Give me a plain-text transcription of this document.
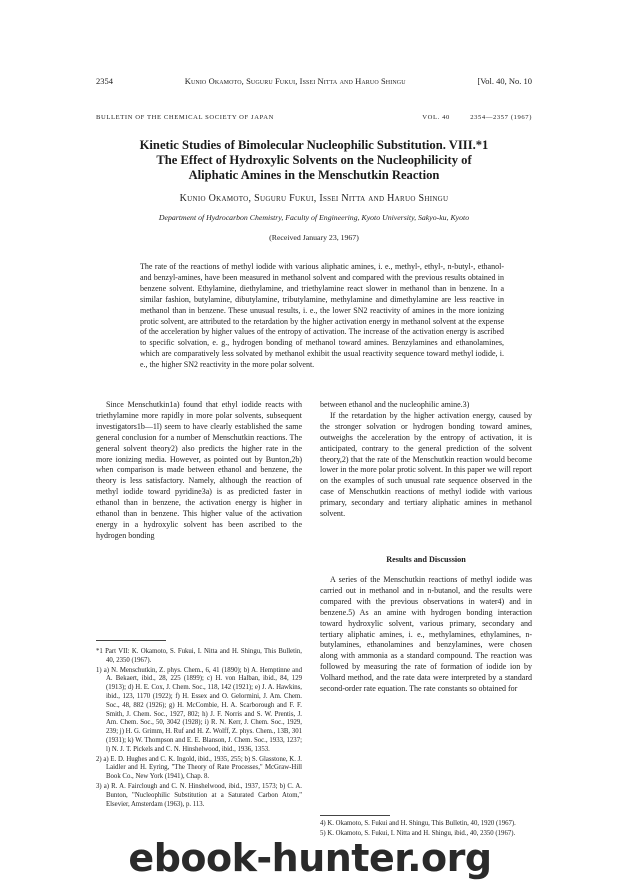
2354	Kunio Okamoto, Suguru Fukui, Issei Nitta and Haruo Shingu	[Vol. 40, No. 10
BULLETIN OF THE CHEMICAL SOCIETY OF JAPAN	VOL. 40	2354—2357 (1967)
Kinetic Studies of Bimolecular Nucleophilic Substitution. VIII.*1
The Effect of Hydroxylic Solvents on the Nucleophilicity of
Aliphatic Amines in the Menschutkin Reaction
Kunio Okamoto, Suguru Fukui, Issei Nitta and Haruo Shingu
Department of Hydrocarbon Chemistry, Faculty of Engineering, Kyoto University, Sakyo-ku, Kyoto
(Received January 23, 1967)
The rate of the reactions of methyl iodide with various aliphatic amines, i. e., methyl-, ethyl-, n-butyl-, ethanol- and benzyl-amines, have been measured in methanol solvent and compared with the previous results obtained in benzene solvent. Ethylamine, diethylamine, and triethylamine react slower in methanol than in benzene. In a similar fashion, butylamine, dibutylamine, tributylamine, methylamine and dimethylamine are less reactive in methanol than in benzene. These unusual results, i. e., the lower SN2 reactivity of amines in the more ionizing protic solvent, are attributed to the retardation by the higher activation energy in methanol solvent at the expense of the acceleration by higher values of the entropy of activation. The increase of the activation energy is ascribed to specific solvation, e. g., hydrogen bonding of methanol toward amines. Benzylamines and ethanolamines, which are comparatively less solvated by methanol exhibit the usual reactivity sequence toward methyl iodide, i. e., the higher SN2 reactivity in the more polar solvent.

Since Menschutkin1a) found that ethyl iodide reacts with triethylamine more rapidly in more polar solvents, subsequent investigators1b—1l) seem to have clearly established the same general conclusion for a number of Menschutkin reactions. The general solvent theory2) also predicts the higher rate in the more ionizing media. However, as pointed out by Bunton,2b) when comparison is made between ethanol and benzene, the theory is less satisfactory. Namely, although the reaction of methyl iodide toward pyridine3a) is as predicted faster in ethanol than in benzene, the activation energy is higher in ethanol than in benzene. This higher value of the activation energy in a hydroxylic solvent has been ascribed to the hydrogen bonding

between ethanol and the nucleophilic amine.3)

If the retardation by the higher activation energy, caused by the stronger solvation or hydrogen bonding toward amines, outweighs the acceleration by the entropy of activation, it is anticipated, contrary to the general prediction of the solvent theory,2) that the rate of the Menschutkin reaction would become lower in the more polar protic solvent. In this paper we will report on the examples of such unusual rate sequence observed in the case of Menschutkin reactions of methyl iodide with various primary, secondary and tertiary aliphatic amines in methanol solvent.

Results and Discussion

A series of the Menschutkin reactions of methyl iodide was carried out in methanol and in n-butanol, and the results were compared with the previous observations in water4) and in benzene.5) As an amine with hydrogen bonding interaction toward hydroxylic solvent, various primary, secondary and tertiary aliphatic amines, i. e., methylamines, ethylamines, n-butylamines, ethanolamines and benzylamines, were chosen along with ammonia as a standard compound. The reaction was followed by measuring the rate of formation of iodide ion by Volhard method, and the rate data were interpreted by a standard second-order rate equation. The rate constants so obtained for

*1 Part VII: K. Okamoto, S. Fukui, I. Nitta and H. Shingu, This Bulletin, 40, 2350 (1967).

1) a) N. Menschutkin, Z. phys. Chem., 6, 41 (1890); b) A. Hemptinne and A. Bekaert, ibid., 28, 225 (1899); c) H. von Halban, ibid., 84, 129 (1913); d) H. E. Cox, J. Chem. Soc., 118, 142 (1921); e) J. A. Hawkins, ibid., 123, 1170 (1922); f) H. Essex and O. Gelormini, J. Am. Chem. Soc., 48, 882 (1926); g) H. McCombie, H. A. Scarborough and F. F. Smith, J. Chem. Soc., 1927, 802; h) J. F. Norris and S. W. Prentis, J. Am. Chem. Soc., 50, 3042 (1928); i) R. N. Kerr, J. Chem. Soc., 1929, 239; j) H. G. Grimm, H. Ruf and H. Z. Wolff, Z. phys. Chem., 13B, 301 (1931); k) W. Thompson and E. E. Blanson, J. Chem. Soc., 1933, 1237; l) N. J. T. Pickels and C. N. Hinshelwood, ibid., 1936, 1353.

2) a) E. D. Hughes and C. K. Ingold, ibid., 1935, 255; b) S. Glasstone, K. J. Laidler and H. Eyring, "The Theory of Rate Processes," McGraw-Hill Book Co., New York (1941), Chap. 8.

3) a) R. A. Fairclough and C. N. Hinshelwood, ibid., 1937, 1573; b) C. A. Bunton, "Nucleophilic Substitution at a Saturated Carbon Atom," Elsevier, Amsterdam (1963), p. 113.

4) K. Okamoto, S. Fukui and H. Shingu, This Bulletin, 40, 1920 (1967).

5) K. Okamoto, S. Fukui, I. Nitta and H. Shingu, ibid., 40, 2350 (1967).

ebook-hunter.org
